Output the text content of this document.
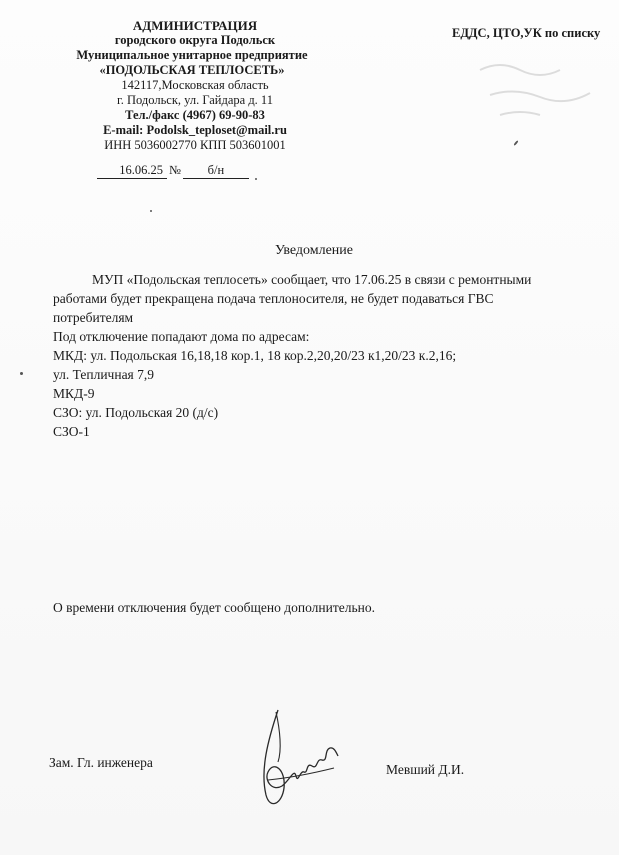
АДМИНИСТРАЦИЯ
городского округа Подольск
Муниципальное унитарное предприятие
«ПОДОЛЬСКАЯ ТЕПЛОСЕТЬ»
142117,Московская область
г. Подольск, ул. Гайдара д. 11
Тел./факс (4967) 69-90-83
E-mail: Podolsk_teploset@mail.ru
ИНН 5036002770 КПП 503601001
ЕДДС, ЦТО,УК по списку
16.06.25 № б/н
Уведомление
МУП «Подольская теплосеть» сообщает, что 17.06.25 в связи с ремонтными
работами будет прекращена подача теплоносителя, не будет подаваться ГВС
потребителям
Под отключение попадают дома по адресам:
МКД: ул. Подольская 16,18,18 кор.1, 18 кор.2,20,20/23 к1,20/23 к.2,16;
ул. Тепличная 7,9
МКД-9
СЗО: ул. Подольская 20 (д/с)
СЗО-1
О времени отключения будет сообщено дополнительно.
Зам. Гл. инженера	Мевший Д.И.
